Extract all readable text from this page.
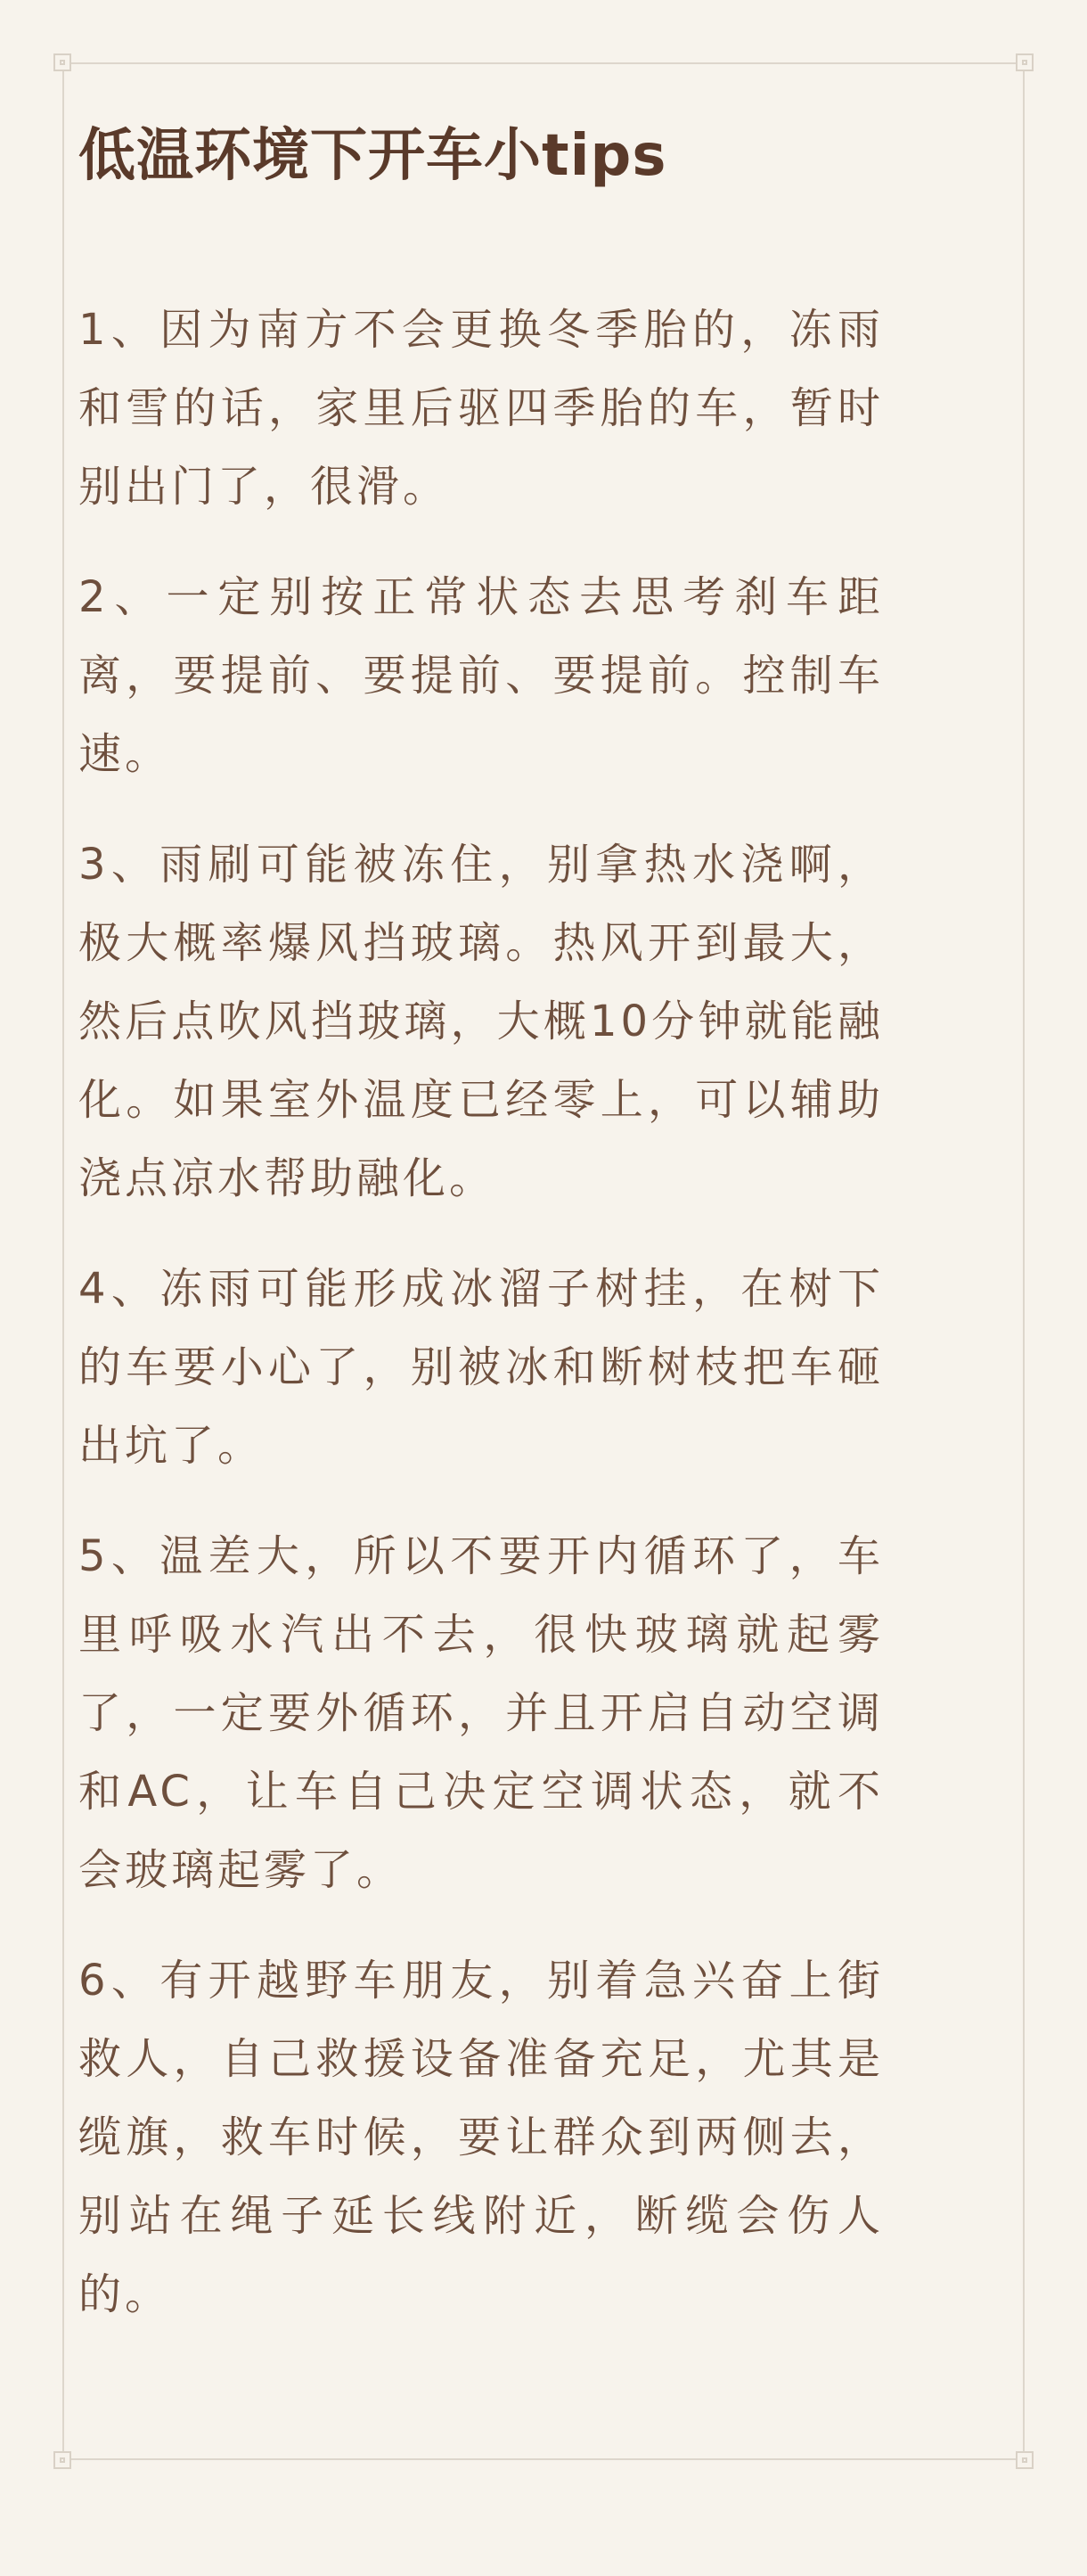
低温环境下开车小tips

1、因为南方不会更换冬季胎的，冻雨和雪的话，家里后驱四季胎的车，暂时别出门了，很滑。

2、一定别按正常状态去思考刹车距离，要提前、要提前、要提前。控制车速。

3、雨刷可能被冻住，别拿热水浇啊，极大概率爆风挡玻璃。热风开到最大，然后点吹风挡玻璃，大概10分钟就能融化。如果室外温度已经零上，可以辅助浇点凉水帮助融化。

4、冻雨可能形成冰溜子树挂，在树下的车要小心了，别被冰和断树枝把车砸出坑了。

5、温差大，所以不要开内循环了，车里呼吸水汽出不去，很快玻璃就起雾了，一定要外循环，并且开启自动空调和AC，让车自己决定空调状态，就不会玻璃起雾了。

6、有开越野车朋友，别着急兴奋上街救人，自己救援设备准备充足，尤其是缆旗，救车时候，要让群众到两侧去，别站在绳子延长线附近，断缆会伤人的。
